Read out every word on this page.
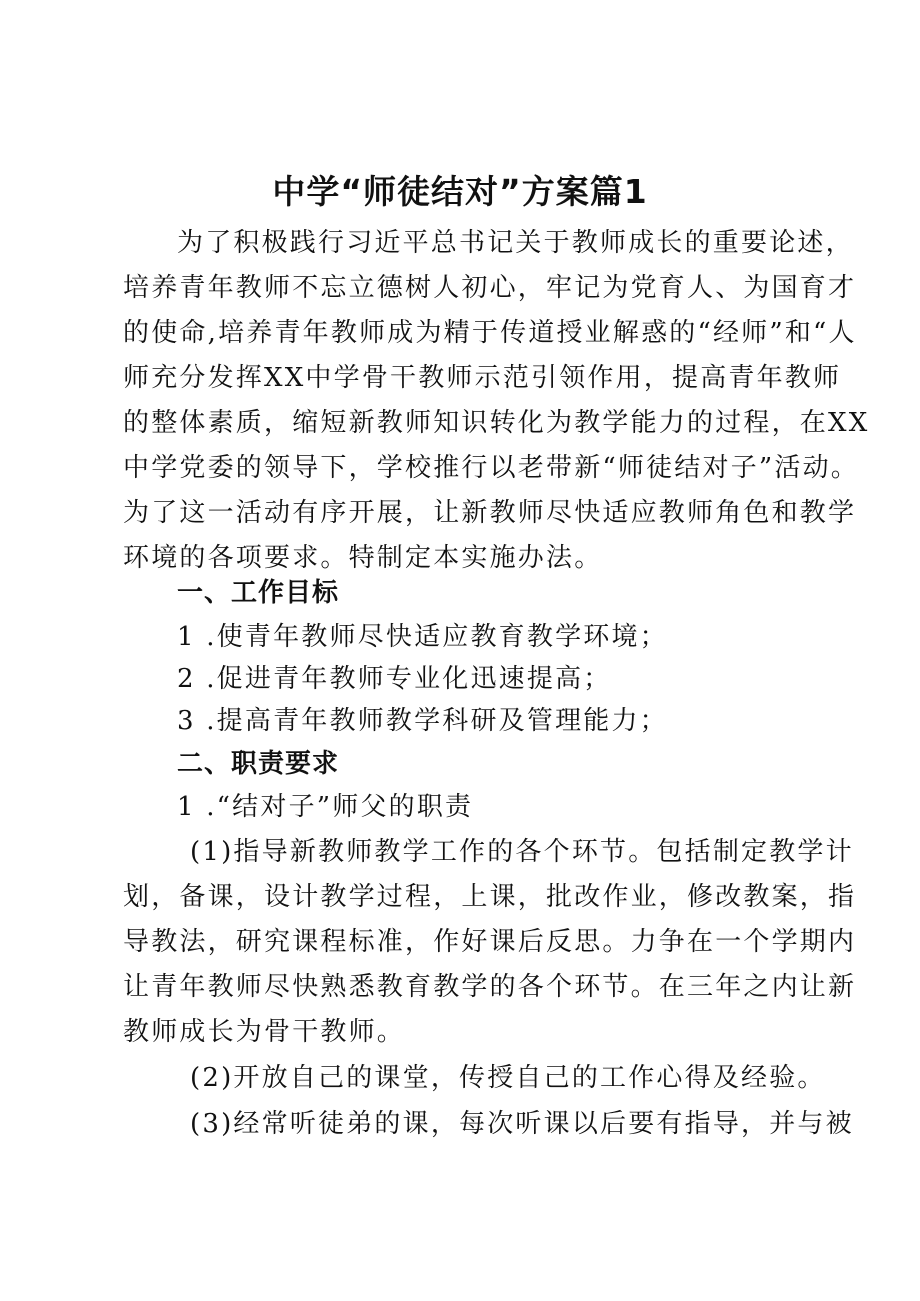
中学“师徒结对”方案篇1
为了积极践行习近平总书记关于教师成长的重要论述，
培养青年教师不忘立德树人初心，牢记为党育人、为国育才
的使命,培养青年教师成为精于传道授业解惑的“经师”和“人
师充分发挥XX中学骨干教师示范引领作用，提高青年教师
的整体素质，缩短新教师知识转化为教学能力的过程，在XX
中学党委的领导下，学校推行以老带新“师徒结对子”活动。
为了这一活动有序开展，让新教师尽快适应教师角色和教学
环境的各项要求。特制定本实施办法。
一、工作目标
1 .使青年教师尽快适应教育教学环境；
2 .促进青年教师专业化迅速提高；
3 .提高青年教师教学科研及管理能力；
二、职责要求
1 .“结对子”师父的职责
(1)指导新教师教学工作的各个环节。包括制定教学计
划，备课，设计教学过程，上课，批改作业，修改教案，指
导教法，研究课程标准，作好课后反思。力争在一个学期内
让青年教师尽快熟悉教育教学的各个环节。在三年之内让新
教师成长为骨干教师。
(2)开放自己的课堂，传授自己的工作心得及经验。
(3)经常听徒弟的课，每次听课以后要有指导，并与被
